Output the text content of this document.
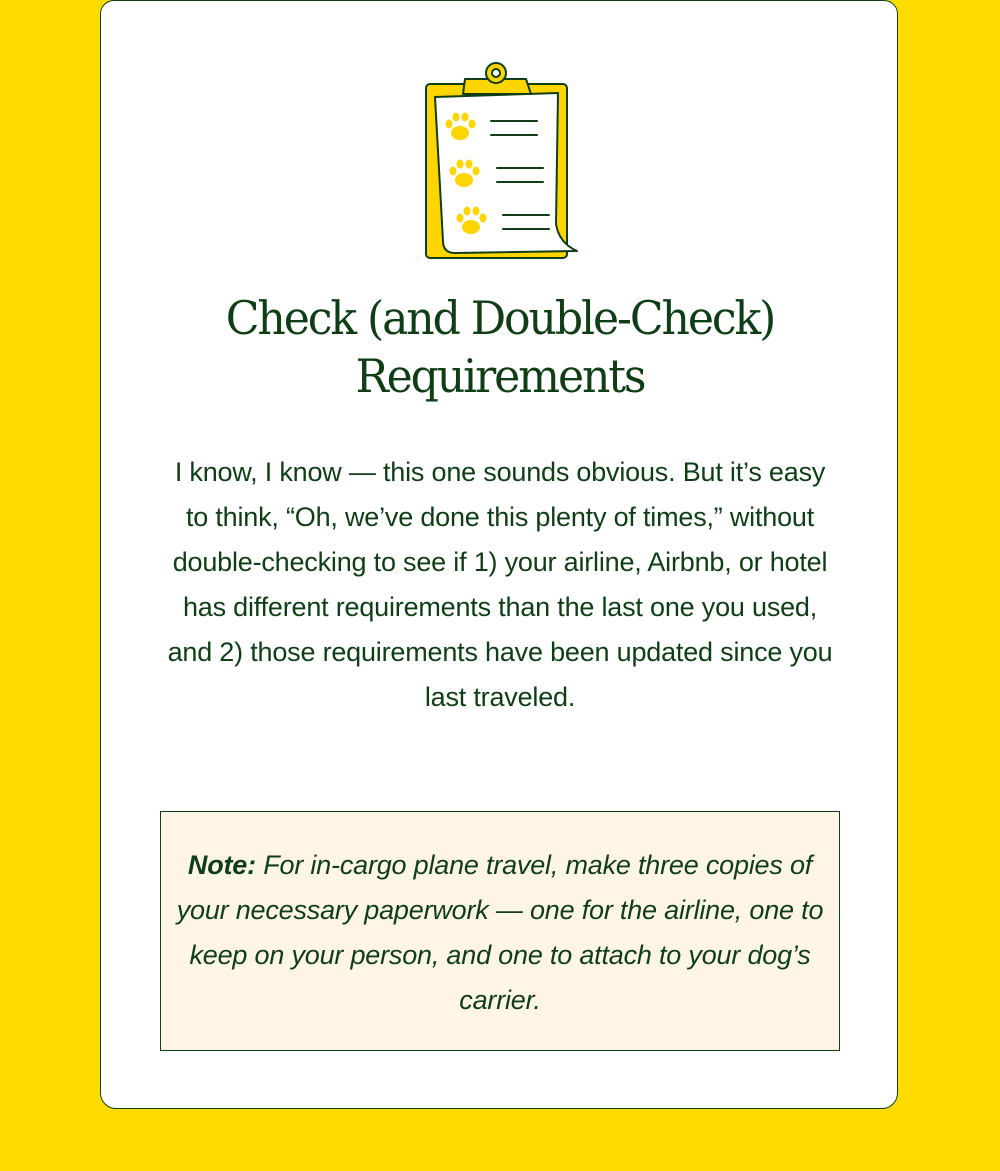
Check (and Double-Check)
Requirements

I know, I know — this one sounds obvious. But it’s easy to think, “Oh, we’ve done this plenty of times,” without double-checking to see if 1) your airline, Airbnb, or hotel has different requirements than the last one you used, and 2) those requirements have been updated since you last traveled.

Note: For in-cargo plane travel, make three copies of your necessary paperwork — one for the airline, one to keep on your person, and one to attach to your dog’s carrier.
